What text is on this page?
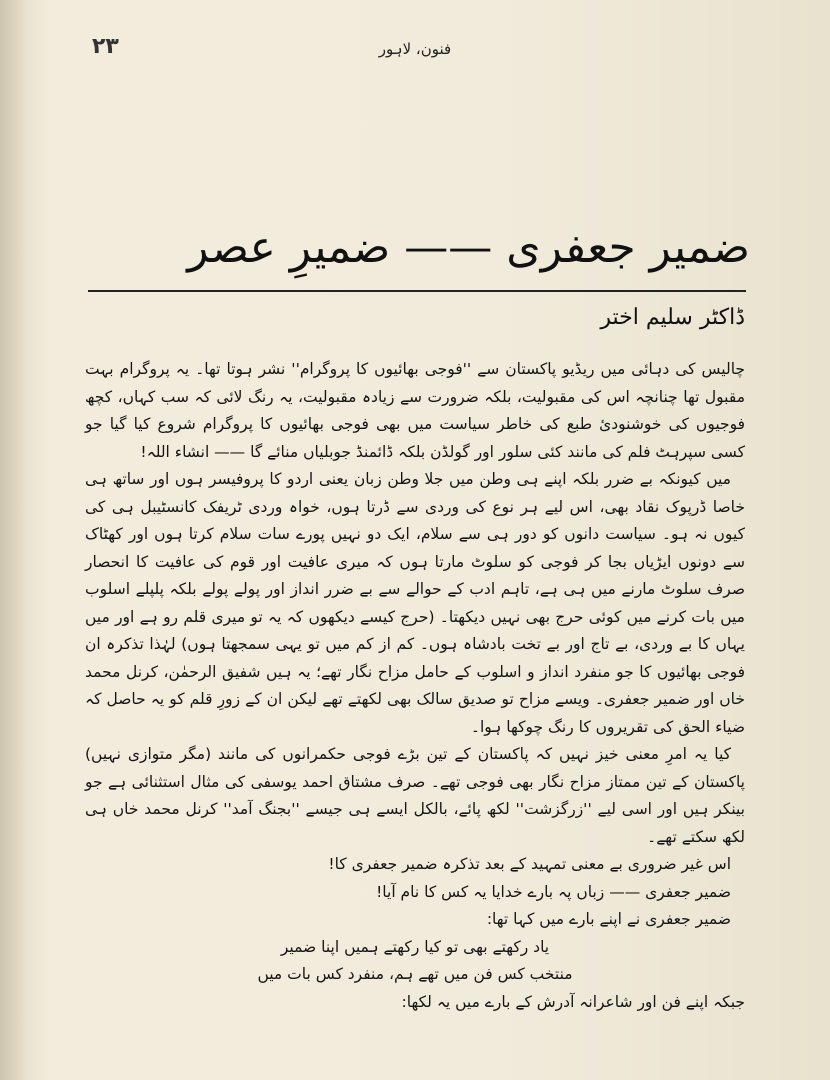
۲۳	فنون، لاہور
ضمیر جعفری —— ضمیرِ عصر
ڈاکٹر سلیم اختر

چالیس کی دہائی میں ریڈیو پاکستان سے ''فوجی بھائیوں کا پروگرام'' نشر ہوتا تھا۔ یہ پروگرام بہت مقبول تھا چنانچہ اس کی مقبولیت، بلکہ ضرورت سے زیادہ مقبولیت، یہ رنگ لائی کہ سب کہاں، کچھ فوجیوں کی خوشنودیٔ طبع کی خاطر سیاست میں بھی فوجی بھائیوں کا پروگرام شروع کیا گیا جو کسی سپرہٹ فلم کی مانند کئی سلور اور گولڈن بلکہ ڈائمنڈ جوبلیاں منائے گا —— انشاء اللہ!

میں کیونکہ بے ضرر بلکہ اپنے ہی وطن میں جلا وطن زبان یعنی اردو کا پروفیسر ہوں اور ساتھ ہی خاصا ڈرپوک نقاد بھی، اس لیے ہر نوع کی وردی سے ڈرتا ہوں، خواہ وردی ٹریفک کانسٹیبل ہی کی کیوں نہ ہو۔ سیاست دانوں کو دور ہی سے سلام، ایک دو نہیں پورے سات سلام کرتا ہوں اور کھٹاک سے دونوں ایڑیاں بجا کر فوجی کو سلوٹ مارتا ہوں کہ میری عافیت اور قوم کی عافیت کا انحصار صرف سلوٹ مارنے میں ہی ہے، تاہم ادب کے حوالے سے بے ضرر انداز اور پولے پولے بلکہ پلپلے اسلوب میں بات کرنے میں کوئی حرج بھی نہیں دیکھتا۔ (حرج کیسے دیکھوں کہ یہ تو میری قلم رو ہے اور میں یہاں کا بے وردی، بے تاج اور بے تخت بادشاہ ہوں۔ کم از کم میں تو یہی سمجھتا ہوں) لہٰذا تذکرہ ان فوجی بھائیوں کا جو منفرد انداز و اسلوب کے حامل مزاح نگار تھے؛ یہ ہیں شفیق الرحمٰن، کرنل محمد خاں اور ضمیر جعفری۔ ویسے مزاح تو صدیق سالک بھی لکھتے تھے لیکن ان کے زورِ قلم کو یہ حاصل کہ ضیاء الحق کی تقریروں کا رنگ چوکھا ہوا۔

کیا یہ امرِ معنی خیز نہیں کہ پاکستان کے تین بڑے فوجی حکمرانوں کی مانند (مگر متوازی نہیں) پاکستان کے تین ممتاز مزاح نگار بھی فوجی تھے۔ صرف مشتاق احمد یوسفی کی مثال استثنائی ہے جو بینکر ہیں اور اسی لیے ''زرگزشت'' لکھ پائے، بالکل ایسے ہی جیسے ''بجنگ آمد'' کرنل محمد خاں ہی لکھ سکتے تھے۔

اس غیر ضروری بے معنی تمہید کے بعد تذکرہ ضمیر جعفری کا!

ضمیر جعفری —— زباں پہ بارے خدایا یہ کس کا نام آیا!

ضمیر جعفری نے اپنے بارے میں کہا تھا:

یاد رکھتے بھی تو کیا رکھتے ہمیں اپنا ضمیر
منتخب کس فن میں تھے ہم، منفرد کس بات میں

جبکہ اپنے فن اور شاعرانہ آدرش کے بارے میں یہ لکھا:
